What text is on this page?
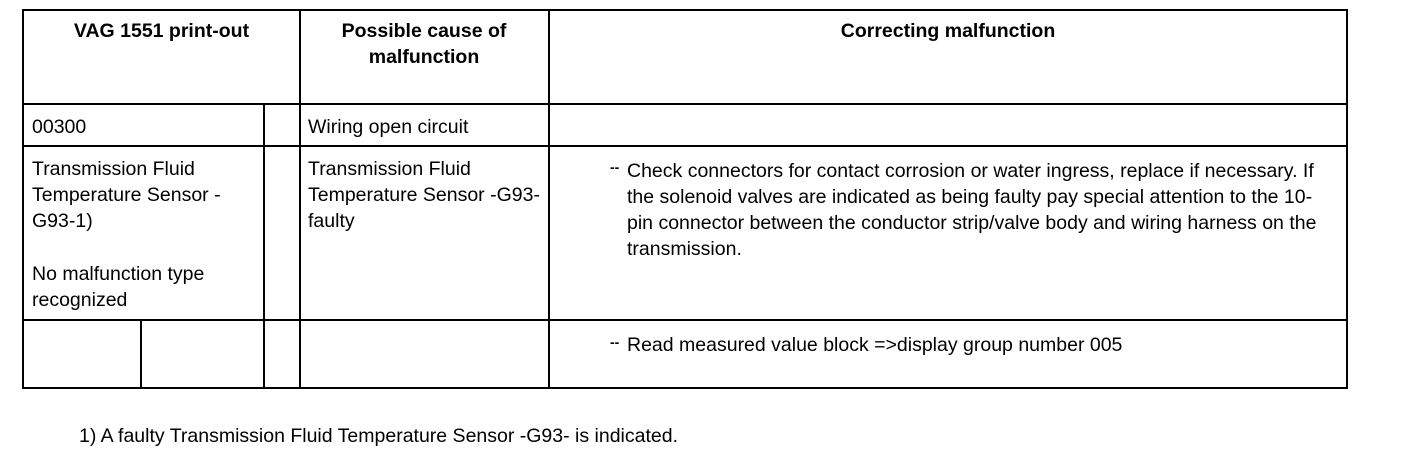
VAG 1551 print-out	Possible cause of malfunction
Correcting malfunction
00300	Wiring open circuit
Transmission Fluid Temperature Sensor -G93-1)
No malfunction type recognized
Transmission Fluid Temperature Sensor -G93- faulty
-- Check connectors for contact corrosion or water ingress, replace if necessary. If the solenoid valves are indicated as being faulty pay special attention to the 10-pin connector between the conductor strip/valve body and wiring harness on the transmission.
-- Read measured value block =>display group number 005
1) A faulty Transmission Fluid Temperature Sensor -G93- is indicated.
